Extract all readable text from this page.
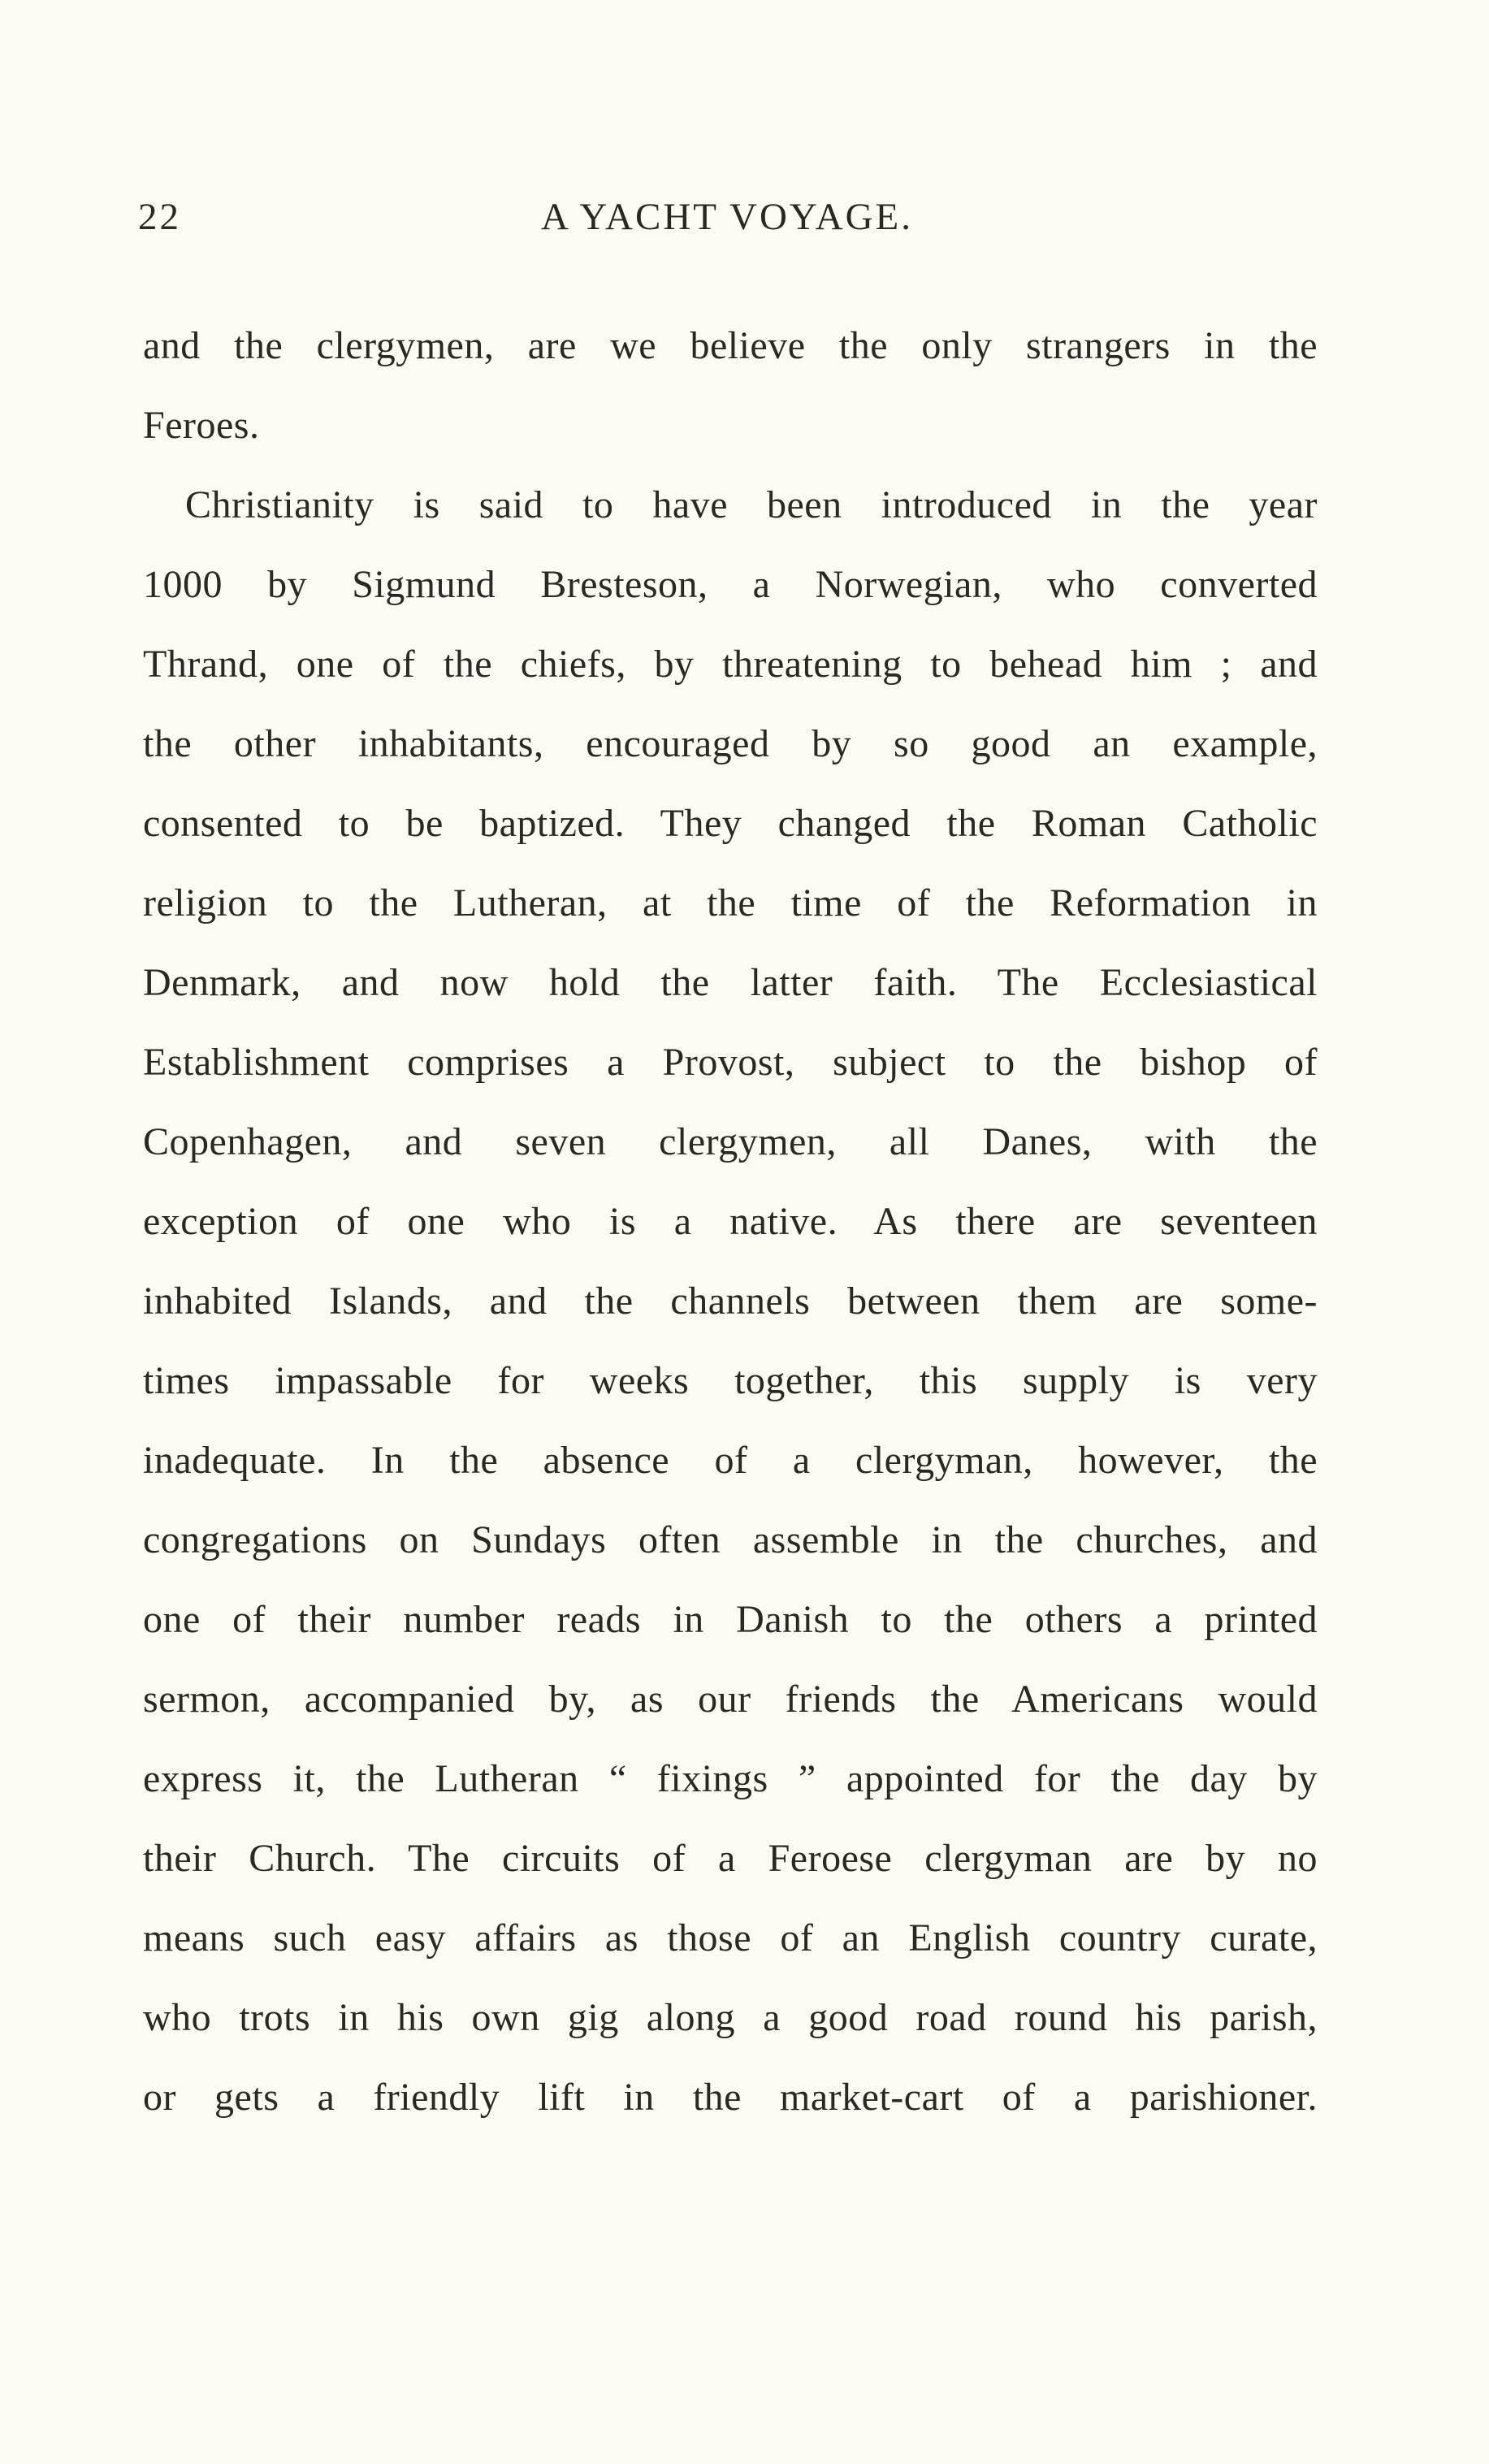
22	A YACHT VOYAGE.
and the clergymen, are we believe the only strangers in the
Feroes.
Christianity is said to have been introduced in the year
1000 by Sigmund Bresteson, a Norwegian, who converted
Thrand, one of the chiefs, by threatening to behead him ; and
the other inhabitants, encouraged by so good an example,
consented to be baptized. They changed the Roman Catholic
religion to the Lutheran, at the time of the Reformation in
Denmark, and now hold the latter faith. The Ecclesiastical
Establishment comprises a Provost, subject to the bishop of
Copenhagen, and seven clergymen, all Danes, with the
exception of one who is a native. As there are seventeen
inhabited Islands, and the channels between them are some-
times impassable for weeks together, this supply is very
inadequate. In the absence of a clergyman, however, the
congregations on Sundays often assemble in the churches, and
one of their number reads in Danish to the others a printed
sermon, accompanied by, as our friends the Americans would
express it, the Lutheran “ fixings ” appointed for the day by
their Church. The circuits of a Feroese clergyman are by no
means such easy affairs as those of an English country curate,
who trots in his own gig along a good road round his parish,
or gets a friendly lift in the market-cart of a parishioner.
